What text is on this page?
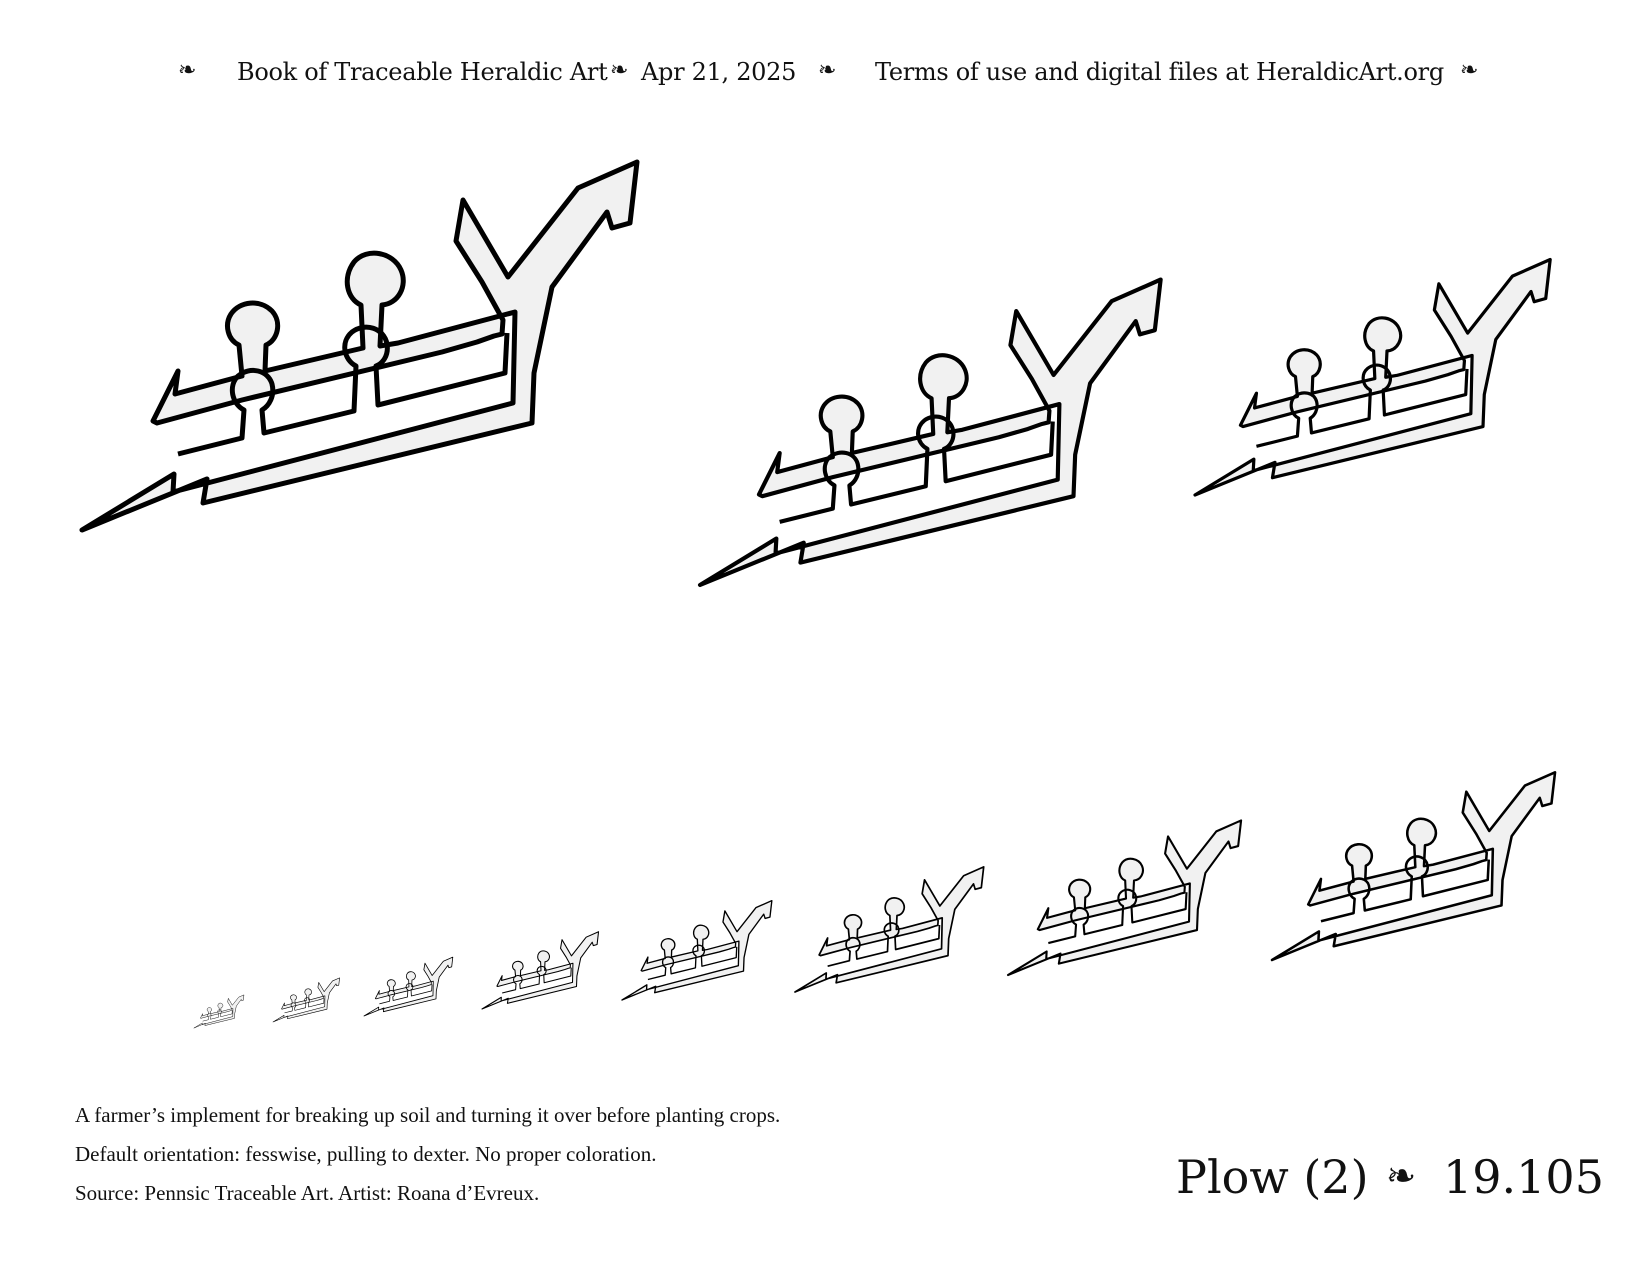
❧ Book of Traceable Heraldic Art ❧ Apr 21, 2025 ❧ Terms of use and digital files at HeraldicArt.org ❧
A farmer’s implement for breaking up soil and turning it over before planting crops.
Default orientation: fesswise, pulling to dexter. No proper coloration.
Source: Pennsic Traceable Art. Artist: Roana d’Evreux.	Plow (2) ❧ 19.105
